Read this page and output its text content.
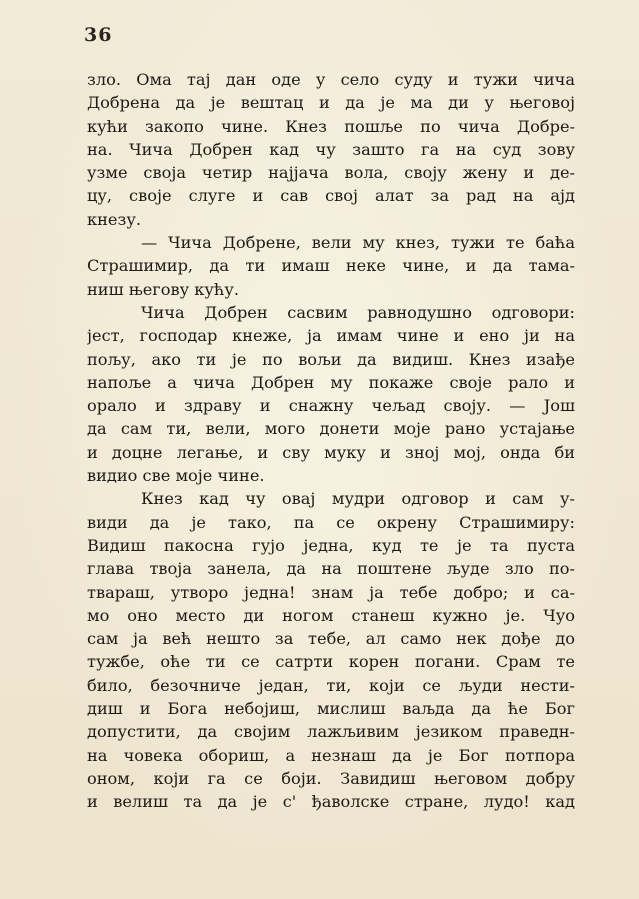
36
зло. Ома тај дан оде у село суду и тужи чича
Добрена да је вештац и да је ма ди у његовој
кући закопо чине. Кнез пошље по чича Добре-
на. Чича Добрен кад чу зашто га на суд зову
узме своја четир најјача вола, своју жену и де-
цу, своје слуге и сав свој алат за рад на ајд
кнезу.
— Чича Добрене, вели му кнез, тужи те баћа
Страшимир, да ти имаш неке чине, и да тама-
ниш његову кућу.
Чича Добрен сасвим равнодушно одговори:
јест, господар кнеже, ја имам чине и ено ји на
пољу, ако ти је по вољи да видиш. Кнез изађе
напоље а чича Добрен му покаже своје рало и
орало и здраву и снажну чељад своју. — Још
да сам ти, вели, мого донети моје рано устајање
и доцне легање, и сву муку и зној мој, онда би
видио све моје чине.
Кнез кад чу овај мудри одговор и сам у-
види да је тако, па се окрену Страшимиру:
Видиш пакосна гујо једна, куд те је та пуста
глава твоја занела, да на поштене људе зло по-
твараш, утворо једна! знам ја тебе добро; и са-
мо оно место ди ногом станеш кужно је. Чуо
сам ја већ нешто за тебе, ал само нек дође до
тужбе, оће ти се сатрти корен погани. Срам те
било, безочниче један, ти, који се људи нести-
диш и Бога небојиш, мислиш ваљда да ће Бог
допустити, да својим лажљивим језиком праведн-
на човека обориш, а незнаш да је Бог потпора
оном, који га се боји. Завидиш његовом добру
и велиш та да је с' ђаволске стране, лудо! кад
